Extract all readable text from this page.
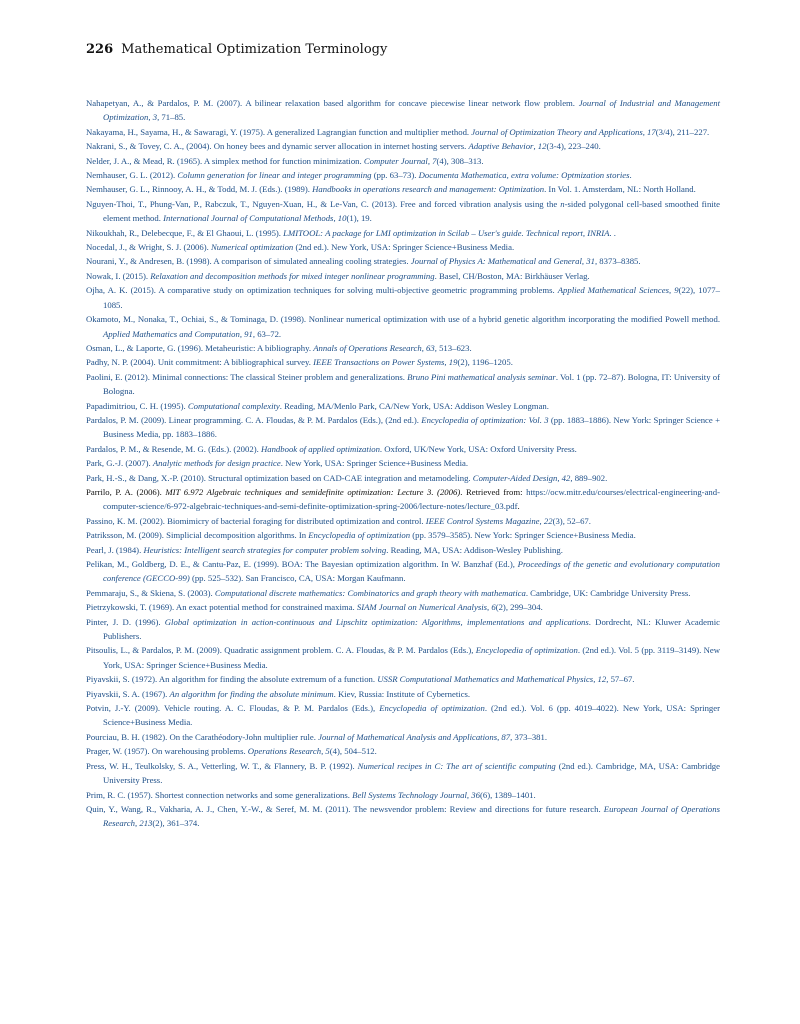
226 Mathematical Optimization Terminology

Nahapetyan, A., & Pardalos, P. M. (2007). A bilinear relaxation based algorithm for concave piecewise linear network flow problem. Journal of Industrial and Management Optimization, 3, 71–85.

Nakayama, H., Sayama, H., & Sawaragi, Y. (1975). A generalized Lagrangian function and multiplier method. Journal of Optimization Theory and Applications, 17(3/4), 211–227.

Nakrani, S., & Tovey, C. A., (2004). On honey bees and dynamic server allocation in internet hosting servers. Adaptive Behavior, 12(3-4), 223–240.

Nelder, J. A., & Mead, R. (1965). A simplex method for function minimization. Computer Journal, 7(4), 308–313.

Nemhauser, G. L. (2012). Column generation for linear and integer programming (pp. 63–73). Documenta Mathematica, extra volume: Optmization stories.

Nemhauser, G. L., Rinnooy, A. H., & Todd, M. J. (Eds.). (1989). Handbooks in operations research and management: Optimization. In Vol. 1. Amsterdam, NL: North Holland.

Nguyen-Thoi, T., Phung-Van, P., Rabczuk, T., Nguyen-Xuan, H., & Le-Van, C. (2013). Free and forced vibration analysis using the n-sided polygonal cell-based smoothed finite element method. International Journal of Computational Methods, 10(1), 19.

Nikoukhah, R., Delebecque, F., & El Ghaoui, L. (1995). LMITOOL: A package for LMI optimization in Scilab – User's guide. Technical report, INRIA. .

Nocedal, J., & Wright, S. J. (2006). Numerical optimization (2nd ed.). New York, USA: Springer Science+Business Media.

Nourani, Y., & Andresen, B. (1998). A comparison of simulated annealing cooling strategies. Journal of Physics A: Mathematical and General, 31, 8373–8385.

Nowak, I. (2015). Relaxation and decomposition methods for mixed integer nonlinear programming. Basel, CH/Boston, MA: Birkhäuser Verlag.

Ojha, A. K. (2015). A comparative study on optimization techniques for solving multi-objective geometric programming problems. Applied Mathematical Sciences, 9(22), 1077–1085.

Okamoto, M., Nonaka, T., Ochiai, S., & Tominaga, D. (1998). Nonlinear numerical optimization with use of a hybrid genetic algorithm incorporating the modified Powell method. Applied Mathematics and Computation, 91, 63–72.

Osman, L., & Laporte, G. (1996). Metaheuristic: A bibliography. Annals of Operations Research, 63, 513–623.

Padhy, N. P. (2004). Unit commitment: A bibliographical survey. IEEE Transactions on Power Systems, 19(2), 1196–1205.

Paolini, E. (2012). Minimal connections: The classical Steiner problem and generalizations. Bruno Pini mathematical analysis seminar. Vol. 1 (pp. 72–87). Bologna, IT: University of Bologna.

Papadimitriou, C. H. (1995). Computational complexity. Reading, MA/Menlo Park, CA/New York, USA: Addison Wesley Longman.

Pardalos, P. M. (2009). Linear programming. C. A. Floudas, & P. M. Pardalos (Eds.), (2nd ed.). Encyclopedia of optimization: Vol. 3 (pp. 1883–1886). New York: Springer Science + Business Media, pp. 1883–1886.

Pardalos, P. M., & Resende, M. G. (Eds.). (2002). Handbook of applied optimization. Oxford, UK/New York, USA: Oxford University Press.

Park, G.-J. (2007). Analytic methods for design practice. New York, USA: Springer Science+Business Media.

Park, H.-S., & Dang, X.-P. (2010). Structural optimization based on CAD-CAE integration and metamodeling. Computer-Aided Design, 42, 889–902.

Parrilo, P. A. (2006). MIT 6.972 Algebraic techniques and semidefinite optimization: Lecture 3. (2006). Retrieved from: https://ocw.mitr.edu/courses/electrical-engineering-and-computer-science/6-972-algebraic-techniques-and-semi-definite-optimization-spring-2006/lecture-notes/lecture_03.pdf.

Passino, K. M. (2002). Biomimicry of bacterial foraging for distributed optimization and control. IEEE Control Systems Magazine, 22(3), 52–67.

Patriksson, M. (2009). Simplicial decomposition algorithms. In Encyclopedia of optimization (pp. 3579–3585). New York: Springer Science+Business Media.

Pearl, J. (1984). Heuristics: Intelligent search strategies for computer problem solving. Reading, MA, USA: Addison-Wesley Publishing.

Pelikan, M., Goldberg, D. E., & Cantu-Paz, E. (1999). BOA: The Bayesian optimization algorithm. In W. Banzhaf (Ed.), Proceedings of the genetic and evolutionary computation conference (GECCO-99) (pp. 525–532). San Francisco, CA, USA: Morgan Kaufmann.

Pemmaraju, S., & Skiena, S. (2003). Computational discrete mathematics: Combinatorics and graph theory with mathematica. Cambridge, UK: Cambridge University Press.

Pietrzykowski, T. (1969). An exact potential method for constrained maxima. SIAM Journal on Numerical Analysis, 6(2), 299–304.

Pinter, J. D. (1996). Global optimization in action-continuous and Lipschitz optimization: Algorithms, implementations and applications. Dordrecht, NL: Kluwer Academic Publishers.

Pitsoulis, L., & Pardalos, P. M. (2009). Quadratic assignment problem. C. A. Floudas, & P. M. Pardalos (Eds.), Encyclopedia of optimization. (2nd ed.). Vol. 5 (pp. 3119–3149). New York, USA: Springer Science+Business Media.

Piyavskii, S. (1972). An algorithm for finding the absolute extremum of a function. USSR Computational Mathematics and Mathematical Physics, 12, 57–67.

Piyavskii, S. A. (1967). An algorithm for finding the absolute minimum. Kiev, Russia: Institute of Cybernetics.

Potvin, J.-Y. (2009). Vehicle routing. A. C. Floudas, & P. M. Pardalos (Eds.), Encyclopedia of optimization. (2nd ed.). Vol. 6 (pp. 4019–4022). New York, USA: Springer Science+Business Media.

Pourciau, B. H. (1982). On the Carathéodory-John multiplier rule. Journal of Mathematical Analysis and Applications, 87, 373–381.

Prager, W. (1957). On warehousing problems. Operations Research, 5(4), 504–512.

Press, W. H., Teulkolsky, S. A., Vetterling, W. T., & Flannery, B. P. (1992). Numerical recipes in C: The art of scientific computing (2nd ed.). Cambridge, MA, USA: Cambridge University Press.

Prim, R. C. (1957). Shortest connection networks and some generalizations. Bell Systems Technology Journal, 36(6), 1389–1401.

Quin, Y., Wang, R., Vakharia, A. J., Chen, Y.-W., & Seref, M. M. (2011). The newsvendor problem: Review and directions for future research. European Journal of Operations Research, 213(2), 361–374.
